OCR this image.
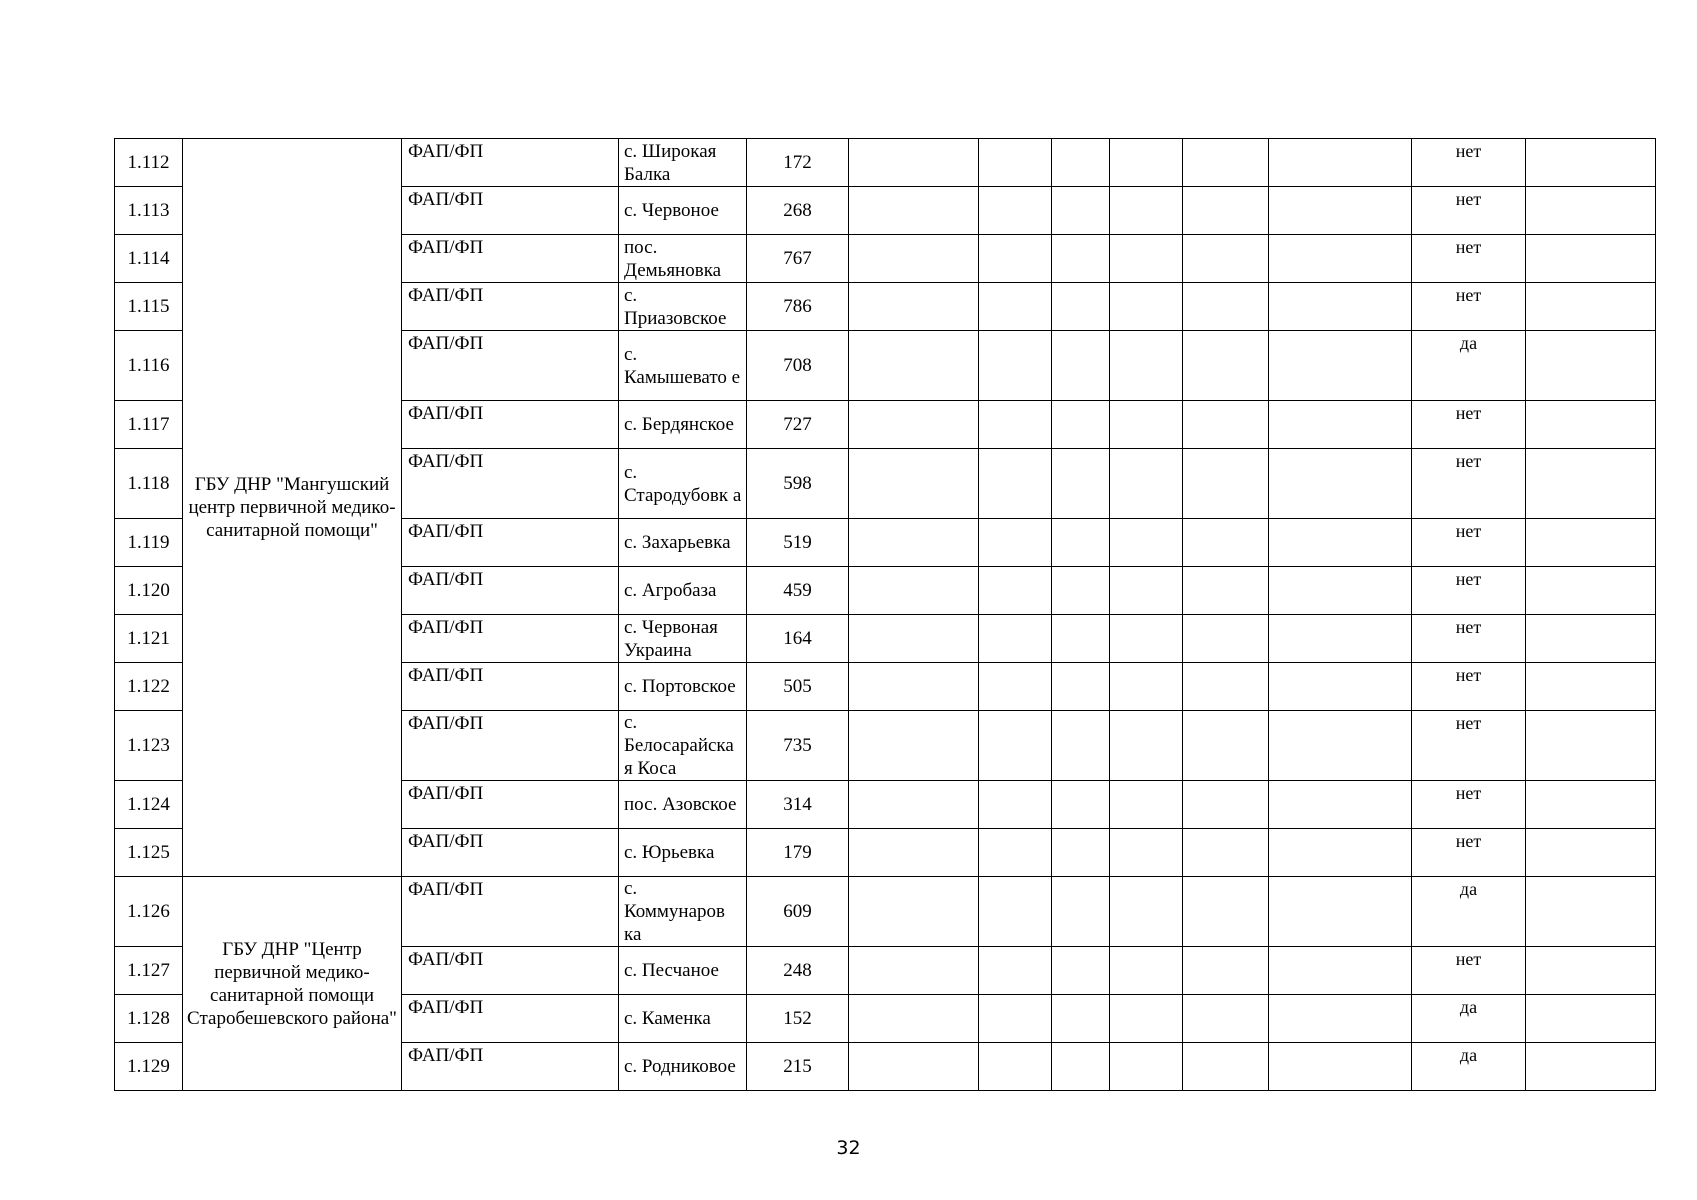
1.112	ГБУ ДНР "Мангушский центр первичной медико-санитарной помощи"	ФАП/ФП	с. Широкая Балка	172							нет	
1.113		ФАП/ФП	с. Червоное	268							нет	
1.114		ФАП/ФП	пос. Демьяновка	767							нет	
1.115		ФАП/ФП	с. Приазовское	786							нет	
1.116		ФАП/ФП	с. Камышевато е	708							да	
1.117		ФАП/ФП	с. Бердянское	727							нет	
1.118		ФАП/ФП	с. Стародубовк а	598							нет	
1.119		ФАП/ФП	с. Захарьевка	519							нет	
1.120		ФАП/ФП	с. Агробаза	459							нет	
1.121		ФАП/ФП	с. Червоная Украина	164							нет	
1.122		ФАП/ФП	с. Портовское	505							нет	
1.123		ФАП/ФП	с. Белосарайска я Коса	735							нет	
1.124		ФАП/ФП	пос. Азовское	314							нет	
1.125		ФАП/ФП	с. Юрьевка	179							нет	
1.126	ГБУ ДНР "Центр первичной медико-санитарной помощи Старобешевского района"	ФАП/ФП	с. Коммунаров ка	609							да	
1.127		ФАП/ФП	с. Песчаное	248							нет	
1.128		ФАП/ФП	с. Каменка	152							да	
1.129		ФАП/ФП	с. Родниковое	215							да	
32
